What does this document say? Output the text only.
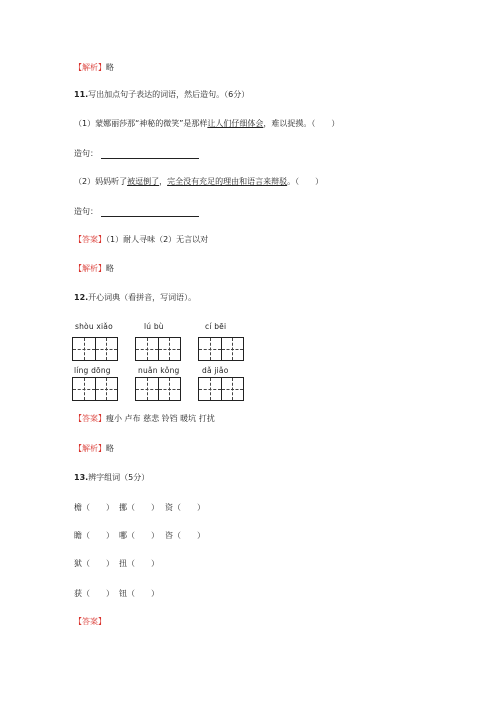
【解析】略
11.写出加点句子表达的词语，然后造句。（6分）
（1）蒙娜丽莎那“神秘的微笑”是那样让人们仔细体会，难以捉摸。（　　）
造句：
（2）妈妈听了被逗倒了，完全没有充足的理由和语言来辩驳。（　　）
造句：
【答案】（1）耐人寻味（2）无言以对
【解析】略
12.开心词典（看拼音，写词语）。
shòu xiǎo	lú bù	cí bēi
líng dōng	nuǎn kǒng	dǎ jiǎo
【答案】瘦小 卢布 慈悲 铃铛 暖坑 打扰
【解析】略
13.辨字组词（5分）
檐（　　） 挪（　　） 资（　　）
瞻（　　） 哪（　　） 咨（　　）
狱（　　） 扭（　　）
获（　　） 钮（　　）
【答案】
